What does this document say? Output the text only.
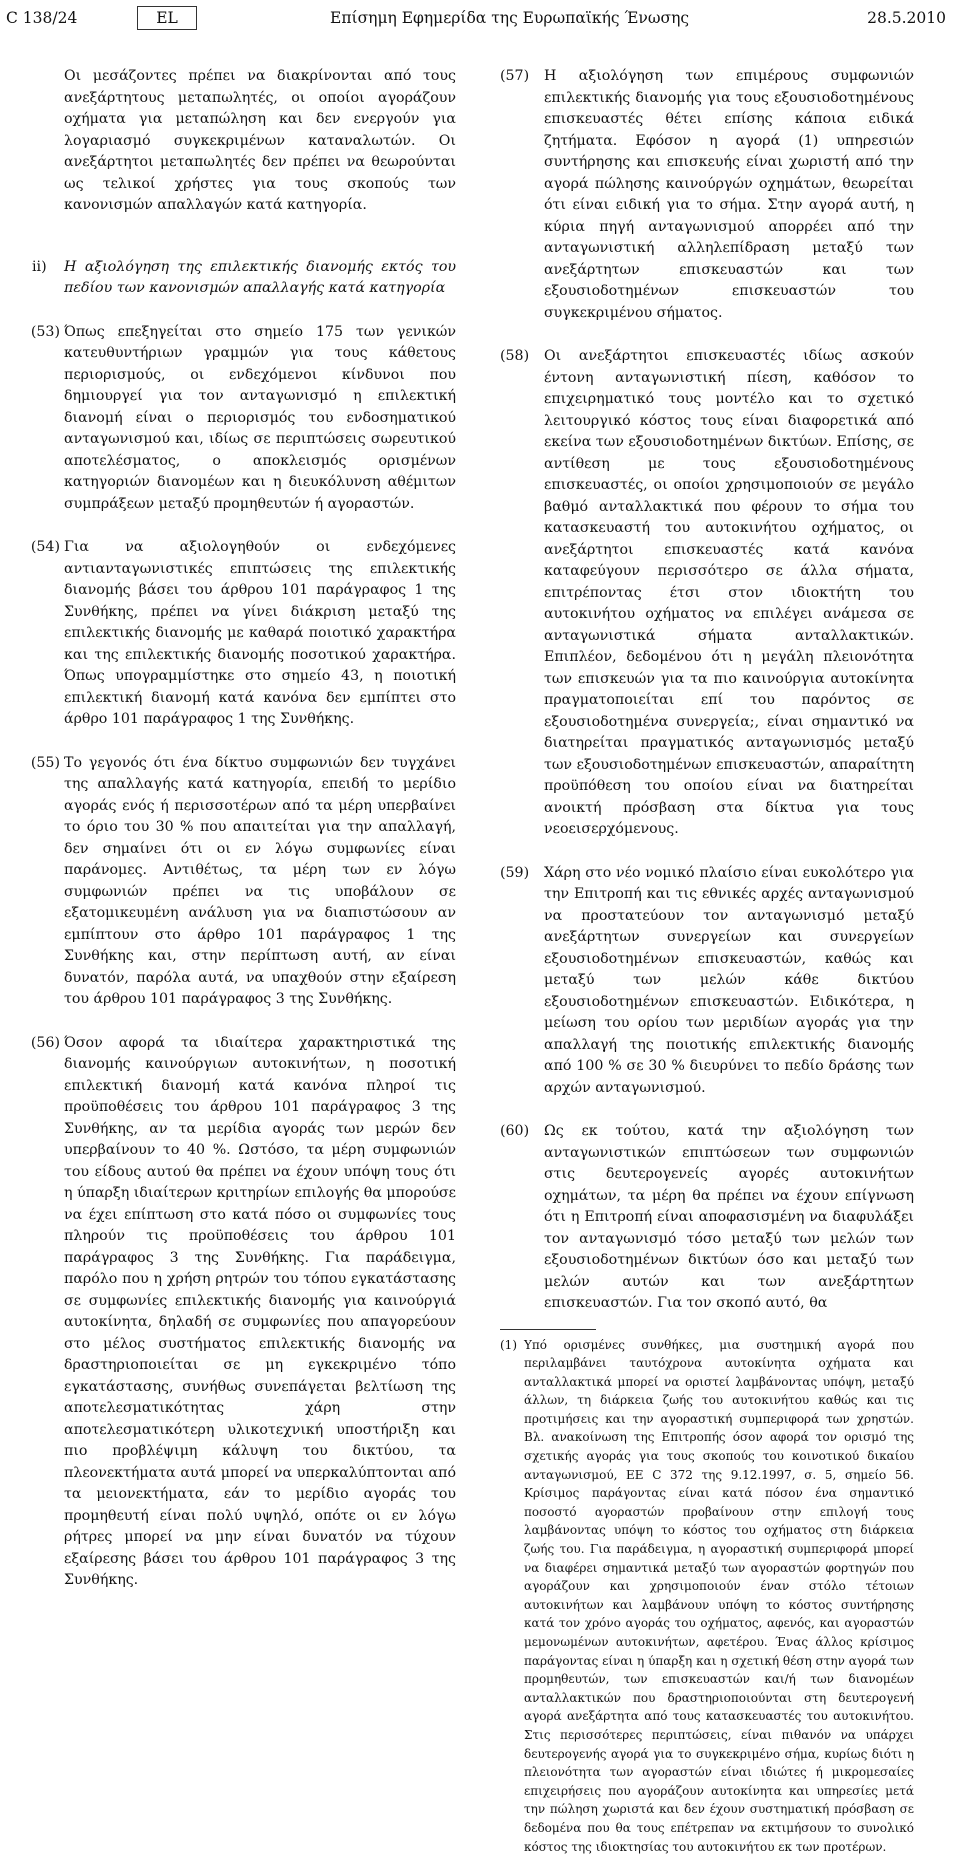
C 138/24	EL	Επίσημη Εφημερίδα της Ευρωπαϊκής Ένωσης	28.5.2010

Οι μεσάζοντες πρέπει να διακρίνονται από τους ανεξάρτητους μεταπωλητές, οι οποίοι αγοράζουν οχήματα για μεταπώληση και δεν ενεργούν για λογαριασμό συγκεκριμένων καταναλωτών. Οι ανεξάρτητοι μεταπωλητές δεν πρέπει να θεωρούνται ως τελικοί χρήστες για τους σκοπούς των κανονισμών απαλλαγών κατά κατηγορία.

ii) Η αξιολόγηση της επιλεκτικής διανομής εκτός του πεδίου των κανονισμών απαλλαγής κατά κατηγορία
(53) Όπως επεξηγείται στο σημείο 175 των γενικών κατευθυντήριων γραμμών για τους κάθετους περιορισμούς, οι ενδεχόμενοι κίνδυνοι που δημιουργεί για τον ανταγωνισμό η επιλεκτική διανομή είναι ο περιορισμός του ενδοσηματικού ανταγωνισμού και, ιδίως σε περιπτώσεις σωρευτικού αποτελέσματος, ο αποκλεισμός ορισμένων κατηγοριών διανομέων και η διευκόλυνση αθέμιτων συμπράξεων μεταξύ προμηθευτών ή αγοραστών.

(54) Για να αξιολογηθούν οι ενδεχόμενες αντιανταγωνιστικές επιπτώσεις της επιλεκτικής διανομής βάσει του άρθρου 101 παράγραφος 1 της Συνθήκης, πρέπει να γίνει διάκριση μεταξύ της επιλεκτικής διανομής με καθαρά ποιοτικό χαρακτήρα και της επιλεκτικής διανομής ποσοτικού χαρακτήρα. Όπως υπογραμμίστηκε στο σημείο 43, η ποιοτική επιλεκτική διανομή κατά κανόνα δεν εμπίπτει στο άρθρο 101 παράγραφος 1 της Συνθήκης.

(55) Το γεγονός ότι ένα δίκτυο συμφωνιών δεν τυγχάνει της απαλλαγής κατά κατηγορία, επειδή το μερίδιο αγοράς ενός ή περισσοτέρων από τα μέρη υπερβαίνει το όριο του 30 % που απαιτείται για την απαλλαγή, δεν σημαίνει ότι οι εν λόγω συμφωνίες είναι παράνομες. Αντιθέτως, τα μέρη των εν λόγω συμφωνιών πρέπει να τις υποβάλουν σε εξατομικευμένη ανάλυση για να διαπιστώσουν αν εμπίπτουν στο άρθρο 101 παράγραφος 1 της Συνθήκης και, στην περίπτωση αυτή, αν είναι δυνατόν, παρόλα αυτά, να υπαχθούν στην εξαίρεση του άρθρου 101 παράγραφος 3 της Συνθήκης.

(56) Όσον αφορά τα ιδιαίτερα χαρακτηριστικά της διανομής καινούργιων αυτοκινήτων, η ποσοτική επιλεκτική διανομή κατά κανόνα πληροί τις προϋποθέσεις του άρθρου 101 παράγραφος 3 της Συνθήκης, αν τα μερίδια αγοράς των μερών δεν υπερβαίνουν το 40 %. Ωστόσο, τα μέρη συμφωνιών του είδους αυτού θα πρέπει να έχουν υπόψη τους ότι η ύπαρξη ιδιαίτερων κριτηρίων επιλογής θα μπορούσε να έχει επίπτωση στο κατά πόσο οι συμφωνίες τους πληρούν τις προϋποθέσεις του άρθρου 101 παράγραφος 3 της Συνθήκης. Για παράδειγμα, παρόλο που η χρήση ρητρών του τόπου εγκατάστασης σε συμφωνίες επιλεκτικής διανομής για καινούργιά αυτοκίνητα, δηλαδή σε συμφωνίες που απαγορεύουν στο μέλος συστήματος επιλεκτικής διανομής να δραστηριοποιείται σε μη εγκεκριμένο τόπο εγκατάστασης, συνήθως συνεπάγεται βελτίωση της αποτελεσματικότητας χάρη στην αποτελεσματικότερη υλικοτεχνική υποστήριξη και πιο προβλέψιμη κάλυψη του δικτύου, τα πλεονεκτήματα αυτά μπορεί να υπερκαλύπτονται από τα μειονεκτήματα, εάν το μερίδιο αγοράς του προμηθευτή είναι πολύ υψηλό, οπότε οι εν λόγω ρήτρες μπορεί να μην είναι δυνατόν να τύχουν εξαίρεσης βάσει του άρθρου 101 παράγραφος 3 της Συνθήκης.

(57)	Η αξιολόγηση των επιμέρους συμφωνιών επιλεκτικής διανομής για τους εξουσιοδοτημένους επισκευαστές θέτει επίσης κάποια ειδικά ζητήματα. Εφόσον η αγορά (1) υπηρεσιών συντήρησης και επισκευής είναι χωριστή από την αγορά πώλησης καινούργών οχημάτων, θεωρείται ότι είναι ειδική για το σήμα. Στην αγορά αυτή, η κύρια πηγή ανταγωνισμού απορρέει από την ανταγωνιστική αλληλεπίδραση μεταξύ των ανεξάρτητων επισκευαστών και των εξουσιοδοτημένων επισκευαστών του συγκεκριμένου σήματος.

(58)	Οι ανεξάρτητοι επισκευαστές ιδίως ασκούν έντονη ανταγωνιστική πίεση, καθόσον το επιχειρηματικό τους μοντέλο και το σχετικό λειτουργικό κόστος τους είναι διαφορετικά από εκείνα των εξουσιοδοτημένων δικτύων. Επίσης, σε αντίθεση με τους εξουσιοδοτημένους επισκευαστές, οι οποίοι χρησιμοποιούν σε μεγάλο βαθμό ανταλλακτικά που φέρουν το σήμα του κατασκευαστή του αυτοκινήτου οχήματος, οι ανεξάρτητοι επισκευαστές κατά κανόνα καταφεύγουν περισσότερο σε άλλα σήματα, επιτρέποντας έτσι στον ιδιοκτήτη του αυτοκινήτου οχήματος να επιλέγει ανάμεσα σε ανταγωνιστικά σήματα ανταλλακτικών. Επιπλέον, δεδομένου ότι η μεγάλη πλειονότητα των επισκευών για τα πιο καινούργια αυτοκίνητα πραγματοποιείται επί του παρόντος σε εξουσιοδοτημένα συνεργεία;, είναι σημαντικό να διατηρείται πραγματικός ανταγωνισμός μεταξύ των εξουσιοδοτημένων επισκευαστών, απαραίτητη προϋπόθεση του οποίου είναι να διατηρείται ανοικτή πρόσβαση στα δίκτυα για τους νεοεισερχόμενους.

(59)	Χάρη στο νέο νομικό πλαίσιο είναι ευκολότερο για την Επιτροπή και τις εθνικές αρχές ανταγωνισμού να προστατεύουν τον ανταγωνισμό μεταξύ ανεξάρτητων συνεργείων και συνεργείων εξουσιοδοτημένων επισκευαστών, καθώς και μεταξύ των μελών κάθε δικτύου εξουσιοδοτημένων επισκευαστών. Ειδικότερα, η μείωση του ορίου των μεριδίων αγοράς για την απαλλαγή της ποιοτικής επιλεκτικής διανομής από 100 % σε 30 % διευρύνει το πεδίο δράσης των αρχών ανταγωνισμού.

(60)	Ως εκ τούτου, κατά την αξιολόγηση των ανταγωνιστικών επιπτώσεων των συμφωνιών στις δευτερογενείς αγορές αυτοκινήτων οχημάτων, τα μέρη θα πρέπει να έχουν επίγνωση ότι η Επιτροπή είναι αποφασισμένη να διαφυλάξει τον ανταγωνισμό τόσο μεταξύ των μελών των εξουσιοδοτημένων δικτύων όσο και μεταξύ των μελών αυτών και των ανεξάρτητων επισκευαστών. Για τον σκοπό αυτό, θα

(1) Υπό ορισμένες συνθήκες, μια συστημική αγορά που περιλαμβάνει ταυτόχρονα αυτοκίνητα οχήματα και ανταλλακτικά μπορεί να οριστεί λαμβάνοντας υπόψη, μεταξύ άλλων, τη διάρκεια ζωής του αυτοκινήτου καθώς και τις προτιμήσεις και την αγοραστική συμπεριφορά των χρηστών. Βλ. ανακοίνωση της Επιτροπής όσον αφορά τον ορισμό της σχετικής αγοράς για τους σκοπούς του κοινοτικού δικαίου ανταγωνισμού, ΕΕ C 372 της 9.12.1997, σ. 5, σημείο 56. Κρίσιμος παράγοντας είναι κατά πόσον ένα σημαντικό ποσοστό αγοραστών προβαίνουν στην επιλογή τους λαμβάνοντας υπόψη το κόστος του οχήματος στη διάρκεια ζωής του. Για παράδειγμα, η αγοραστική συμπεριφορά μπορεί να διαφέρει σημαντικά μεταξύ των αγοραστών φορτηγών που αγοράζουν και χρησιμοποιούν έναν στόλο τέτοιων αυτοκινήτων και λαμβάνουν υπόψη το κόστος συντήρησης κατά τον χρόνο αγοράς του οχήματος, αφενός, και αγοραστών μεμονωμένων αυτοκινήτων, αφετέρου. Ένας άλλος κρίσιμος παράγοντας είναι η ύπαρξη και η σχετική θέση στην αγορά των προμηθευτών, των επισκευαστών και/ή των διανομέων ανταλλακτικών που δραστηριοποιούνται στη δευτερογενή αγορά ανεξάρτητα από τους κατασκευαστές του αυτοκινήτου. Στις περισσότερες περιπτώσεις, είναι πιθανόν να υπάρχει δευτερογενής αγορά για το συγκεκριμένο σήμα, κυρίως διότι η πλειονότητα των αγοραστών είναι ιδιώτες ή μικρομεσαίες επιχειρήσεις που αγοράζουν αυτοκίνητα και υπηρεσίες μετά την πώληση χωριστά και δεν έχουν συστηματική πρόσβαση σε δεδομένα που θα τους επέτρεπαν να εκτιμήσουν το συνολικό κόστος της ιδιοκτησίας του αυτοκινήτου εκ των προτέρων.
